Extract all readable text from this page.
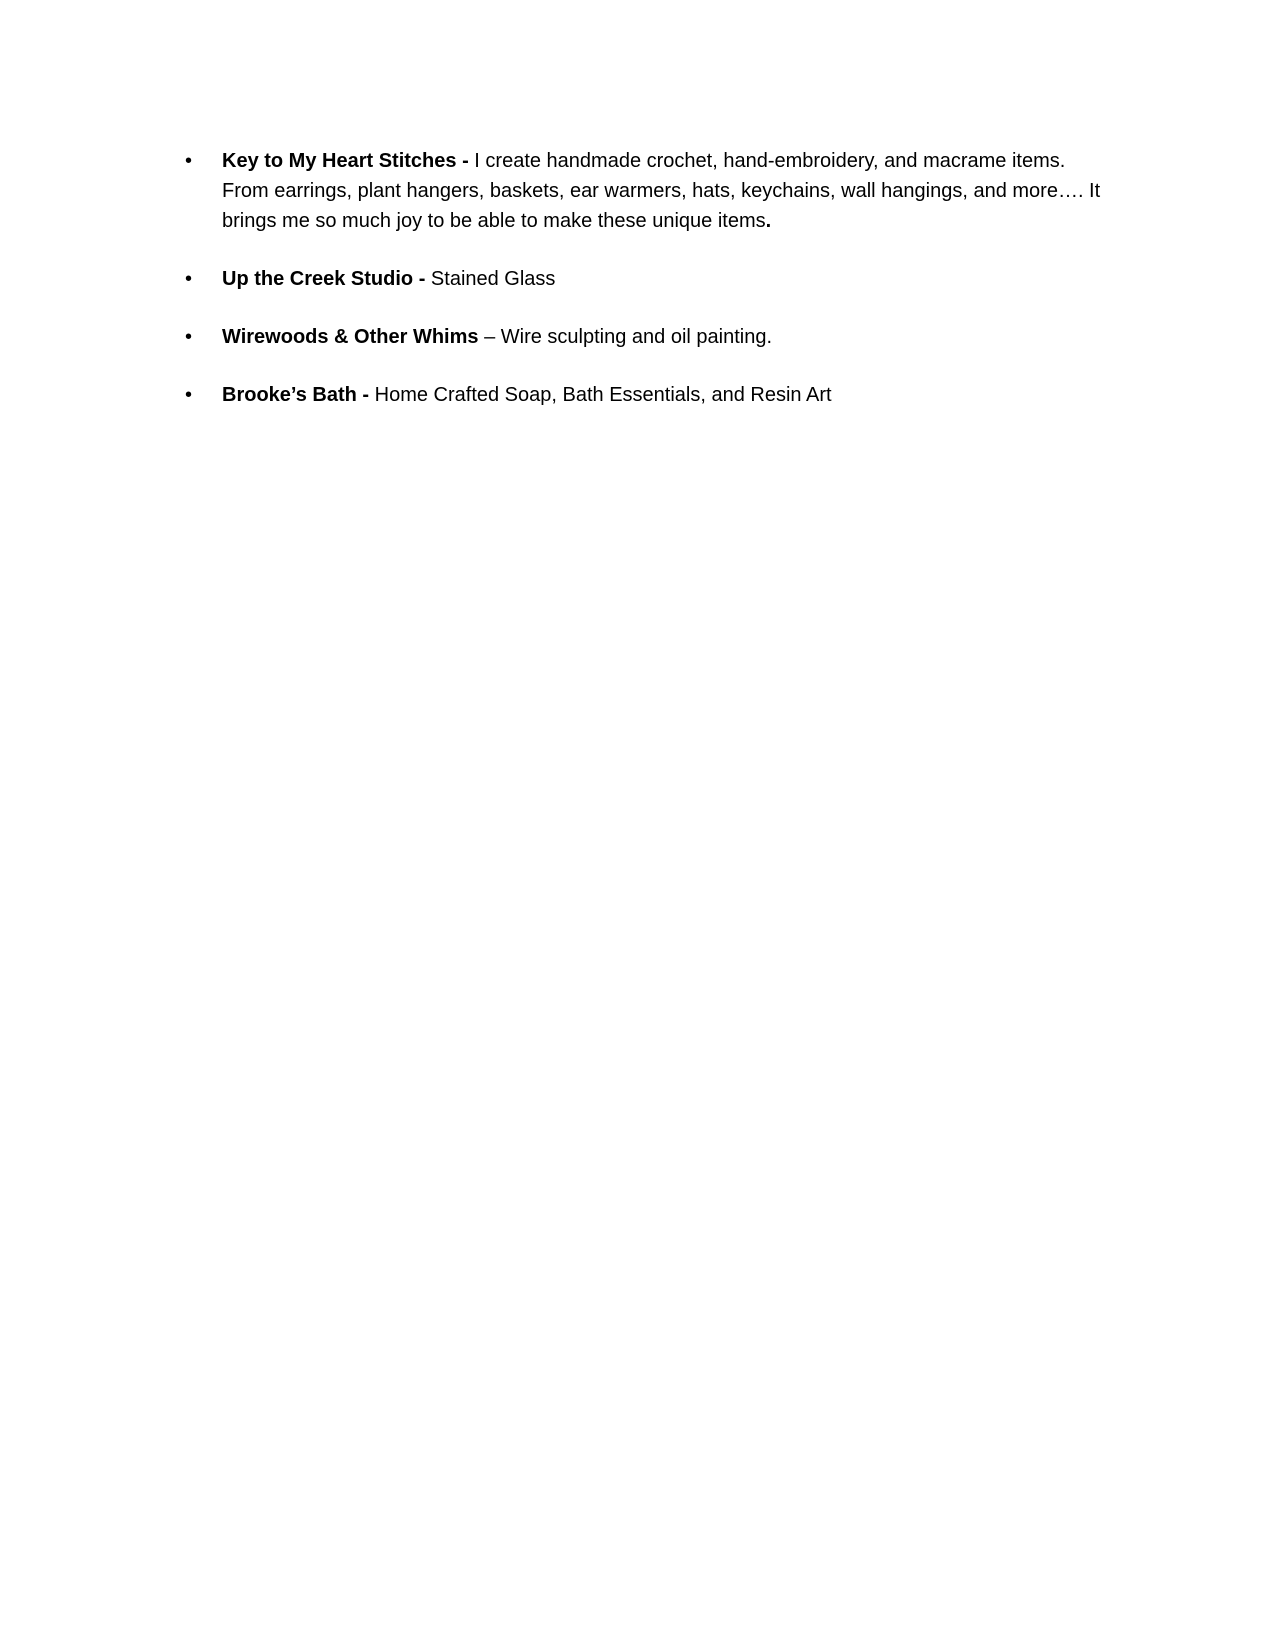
•	Key to My Heart Stitches - I create handmade crochet, hand-embroidery, and macrame items. From earrings, plant hangers, baskets, ear warmers, hats, keychains, wall hangings, and more…. It brings me so much joy to be able to make these unique items.
•	Up the Creek Studio - Stained Glass
•	Wirewoods & Other Whims – Wire sculpting and oil painting.
•	Brooke’s Bath - Home Crafted Soap, Bath Essentials, and Resin Art
